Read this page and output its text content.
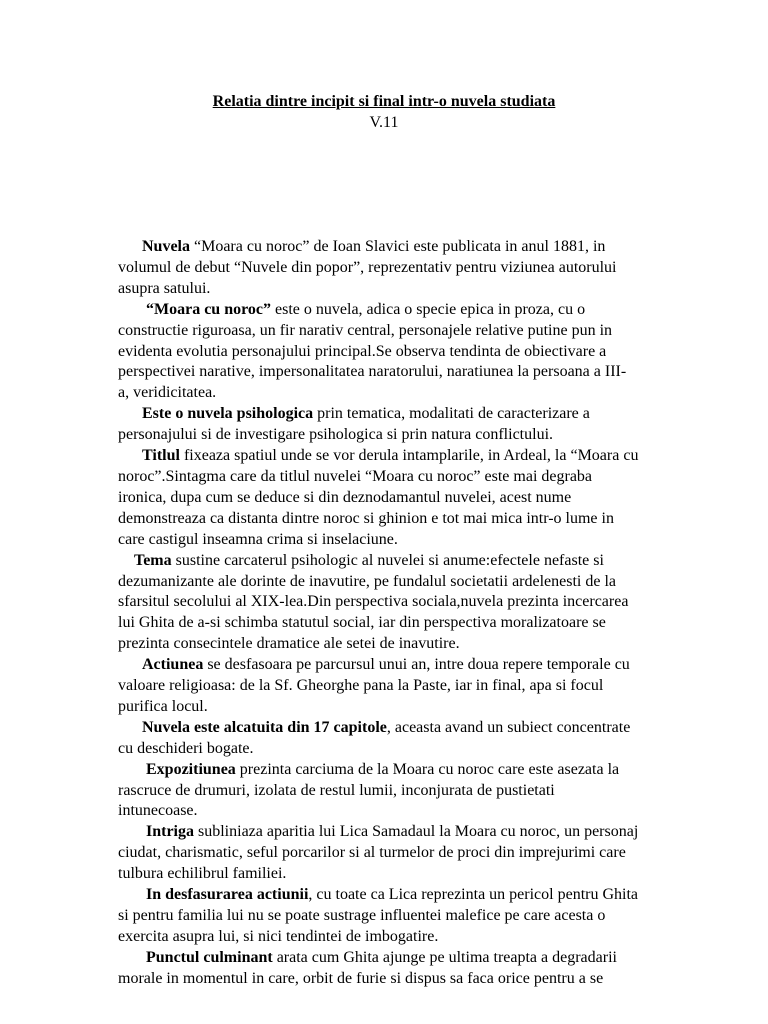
Relatia dintre incipit si final intr-o nuvela studiata
V.11

Nuvela “Moara cu noroc” de Ioan Slavici este publicata in anul 1881, in
volumul de debut “Nuvele din popor”, reprezentativ pentru viziunea autorului
asupra satului.

“Moara cu noroc” este o nuvela, adica o specie epica in proza, cu o
constructie riguroasa, un fir narativ central, personajele relative putine pun in
evidenta evolutia personajului principal.Se observa tendinta de obiectivare a
perspectivei narative, impersonalitatea naratorului, naratiunea la persoana a III-
a, veridicitatea.

Este o nuvela psihologica prin tematica, modalitati de caracterizare a
personajului si de investigare psihologica si prin natura conflictului.

Titlul fixeaza spatiul unde se vor derula intamplarile, in Ardeal, la “Moara cu
noroc”.Sintagma care da titlul nuvelei “Moara cu noroc” este mai degraba
ironica, dupa cum se deduce si din deznodamantul nuvelei, acest nume
demonstreaza ca distanta dintre noroc si ghinion e tot mai mica intr-o lume in
care castigul inseamna crima si inselaciune.

Tema sustine carcaterul psihologic al nuvelei si anume:efectele nefaste si
dezumanizante ale dorinte de inavutire, pe fundalul societatii ardelenesti de la
sfarsitul secolului al XIX-lea.Din perspectiva sociala,nuvela prezinta incercarea
lui Ghita de a-si schimba statutul social, iar din perspectiva moralizatoare se
prezinta consecintele dramatice ale setei de inavutire.

Actiunea se desfasoara pe parcursul unui an, intre doua repere temporale cu
valoare religioasa: de la Sf. Gheorghe pana la Paste, iar in final, apa si focul
purifica locul.

Nuvela este alcatuita din 17 capitole, aceasta avand un subiect concentrate
cu deschideri bogate.

Expozitiunea prezinta carciuma de la Moara cu noroc care este asezata la
rascruce de drumuri, izolata de restul lumii, inconjurata de pustietati
intunecoase.

Intriga subliniaza aparitia lui Lica Samadaul la Moara cu noroc, un personaj
ciudat, charismatic, seful porcarilor si al turmelor de proci din imprejurimi care
tulbura echilibrul familiei.

In desfasurarea actiunii, cu toate ca Lica reprezinta un pericol pentru Ghita
si pentru familia lui nu se poate sustrage influentei malefice pe care acesta o
exercita asupra lui, si nici tendintei de imbogatire.

Punctul culminant arata cum Ghita ajunge pe ultima treapta a degradarii
morale in momentul in care, orbit de furie si dispus sa faca orice pentru a se
